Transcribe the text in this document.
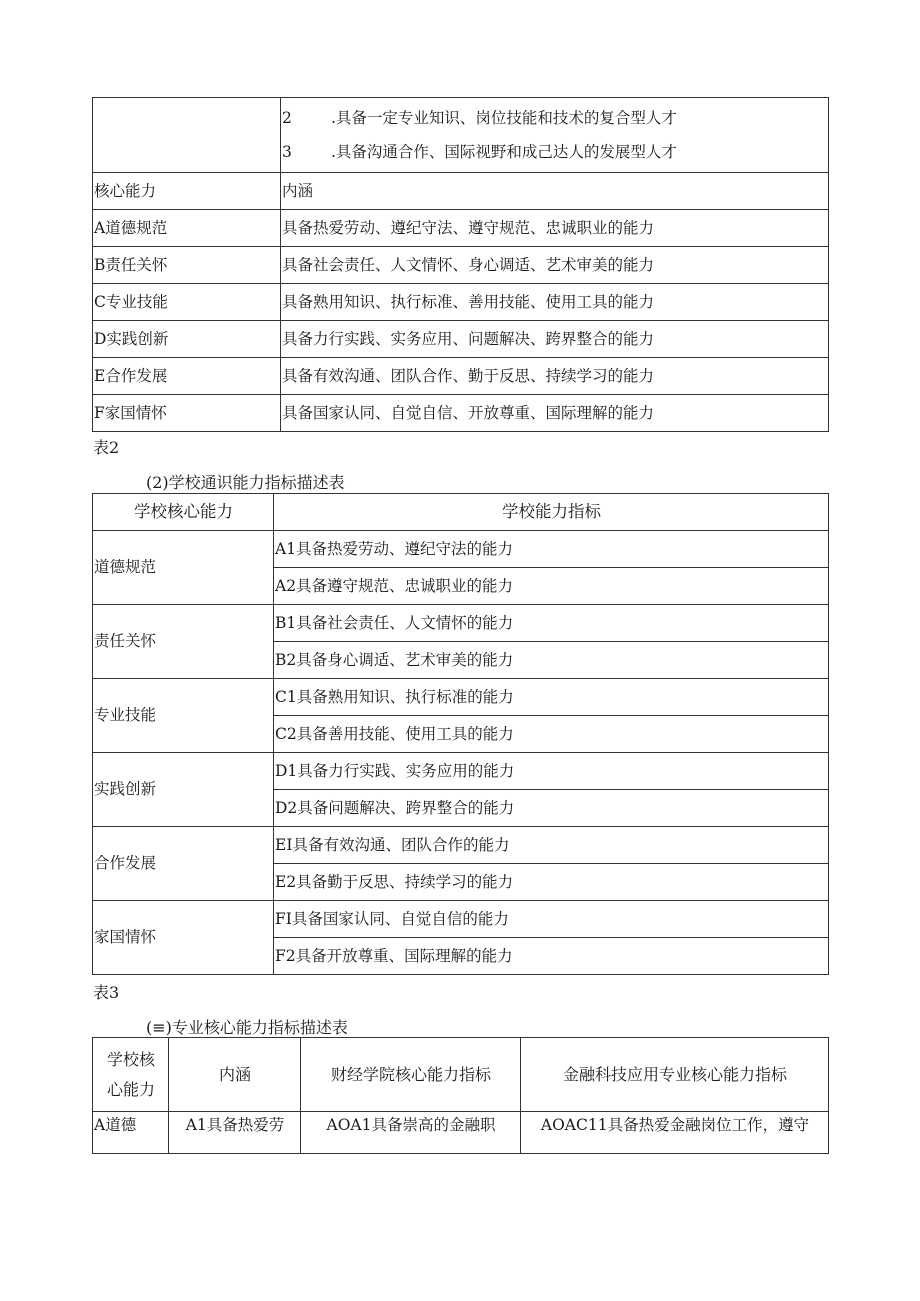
	2 .具备一定专业知识、岗位技能和技术的复合型人才
3 .具备沟通合作、国际视野和成己达人的发展型人才

核心能力	内涵
A道德规范	具备热爱劳动、遵纪守法、遵守规范、忠诚职业的能力
B责任关怀	具备社会责任、人文情怀、身心调适、艺术审美的能力
C专业技能	具备熟用知识、执行标准、善用技能、使用工具的能力
D实践创新	具备力行实践、实务应用、问题解决、跨界整合的能力
E合作发展	具备有效沟通、团队合作、勤于反思、持续学习的能力
F家国情怀	具备国家认同、自觉自信、开放尊重、国际理解的能力
表2
(2)学校通识能力指标描述表
学校核心能力	学校能力指标
道德规范	A1具备热爱劳动、遵纪守法的能力
	A2具备遵守规范、忠诚职业的能力
责任关怀	B1具备社会责任、人文情怀的能力
	B2具备身心调适、艺术审美的能力
专业技能	C1具备熟用知识、执行标准的能力
	C2具备善用技能、使用工具的能力
实践创新	D1具备力行实践、实务应用的能力
	D2具备问题解决、跨界整合的能力
合作发展	EI具备有效沟通、团队合作的能力
	E2具备勤于反思、持续学习的能力
家国情怀	FI具备国家认同、自觉自信的能力
	F2具备开放尊重、国际理解的能力
表3
(≡)专业核心能力指标描述表
学校核
心能力	内涵	财经学院核心能力指标	金融科技应用专业核心能力指标
A道德	A1具备热爱劳	AOA1具备崇高的金融职	AOAC11具备热爱金融岗位工作，遵守
